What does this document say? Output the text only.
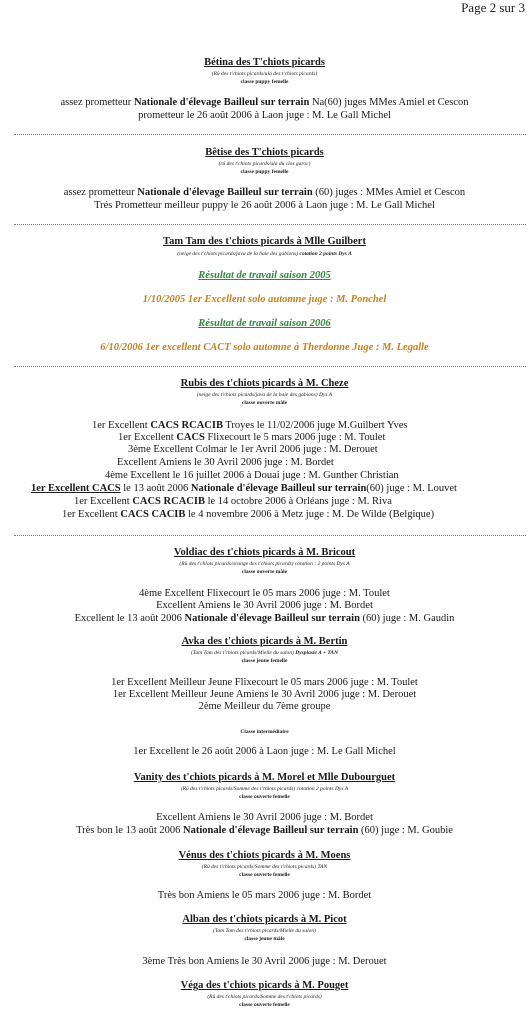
Page 2 sur 3
Bétina des T'chiots picards
(Rû des t'chiots picards/ula des t'chiots picards)
classe puppy femelle
assez prometteur Nationale d'élevage Bailleul sur terrain Na(60) juges MMes Amiel et Cescon
prometteur le 26 août 2006 à Laon juge : M. Le Gall Michel
Bêtise des T'chiots picards
(rû des t'chiots picards/ula du clos garoc)
classe puppy femelle
assez prometteur Nationale d'élevage Bailleul sur terrain (60) juges : MMes Amiel et Cescon
Trés Prometteur meilleur puppy le 26 août 2006 à Laon juge : M. Le Gall Michel
Tam Tam des t'chiots picards à Mlle Guilbert
(neige des t'chiots picards/java de la baie des gabions) cotation 2 points Dys A
Résultat de travail saison 2005
1/10/2005 1er Excellent solo automne juge : M. Ponchel
Résultat de travail saison 2006
6/10/2006 1er excellent CACT solo automne à Therdonne Juge : M. Legalle
Rubis des t'chiots picards à M. Cheze
(neige des t'chiots picards/java de la baie des gabions) Dys A
classe ouverte mâle
1er Excellent CACS RCACIB Troyes le 11/02/2006 juge M.Guilbert Yves
1er Excellent CACS Flixecourt le 5 mars 2006 juge : M. Toulet
3ème Excellent Colmar le 1er Avril 2006 juge : M. Derouet
Excellent Amiens le 30 Avril 2006 juge : M. Bordet
4ème Excellent le 16 juillet 2006 à Douai juge : M. Gunther Christian
1er Excellent CACS le 13 août 2006 Nationale d'élevage Bailleul sur terrain(60) juge : M. Louvet
1er Excellent CACS RCACIB le 14 octobre 2006 à Orléans juge : M. Riva
1er Excellent CACS CACIB le 4 novembre 2006 à Metz juge : M. De Wilde (Belgique)
Voldiac des t'chiots picards à M. Bricout
(Rû des t'chiots picards/orange des t'chiots picards) cotation : 2 points Dys A
classe ouverte mâle
4ème Excellent Flixecourt le 05 mars 2006 juge : M. Toulet
Excellent Amiens le 30 Avril 2006 juge : M. Bordet
Excellent le 13 août 2006 Nationale d'élevage Bailleul sur terrain (60) juge : M. Gaudin
Avka des t'chiots picards à M. Bertin
(Tam Tam des t'chiots picards/Mielle du salon) Dysplasie A + TAN
classe jeune femelle
1er Excellent Meilleur Jeune Flixecourt le 05 mars 2006 juge : M. Toulet
1er Excellent Meilleur Jeune Amiens le 30 Avril 2006 juge : M. Derouet
2ème Meilleur du 7ème groupe
Classe intermédiaire
1er Excellent le 26 août 2006 à Laon juge : M. Le Gall Michel
Vanity des t'chiots picards à M. Morel et Mlle Dubourguet
(Rû des t'chiots picards/Somme des t'chiots picards) cotation 2 points Dys A
classe ouverte femelle
Excellent Amiens le 30 Avril 2006 juge : M. Bordet
Très bon le 13 août 2006 Nationale d'élevage Bailleul sur terrain (60) juge : M. Goubie
Vénus des t'chiots picards à M. Moens
(Rû des t'chiots picards/Somme des t'chiots picards) TAN
classe ouverte femelle
Très bon Amiens le 05 mars 2006 juge : M. Bordet
Alban des t'chiots picards à M. Picot
(Tam Tam des t'chiots picards/Mielle du salon)
classe jeune mâle
3ème Très bon Amiens le 30 Avril 2006 juge : M. Derouet
Véga des t'chiots picards à M. Pouget
(Rû des t'chiots picards/Somme des t'chiots picards)
classe ouverte femelle
